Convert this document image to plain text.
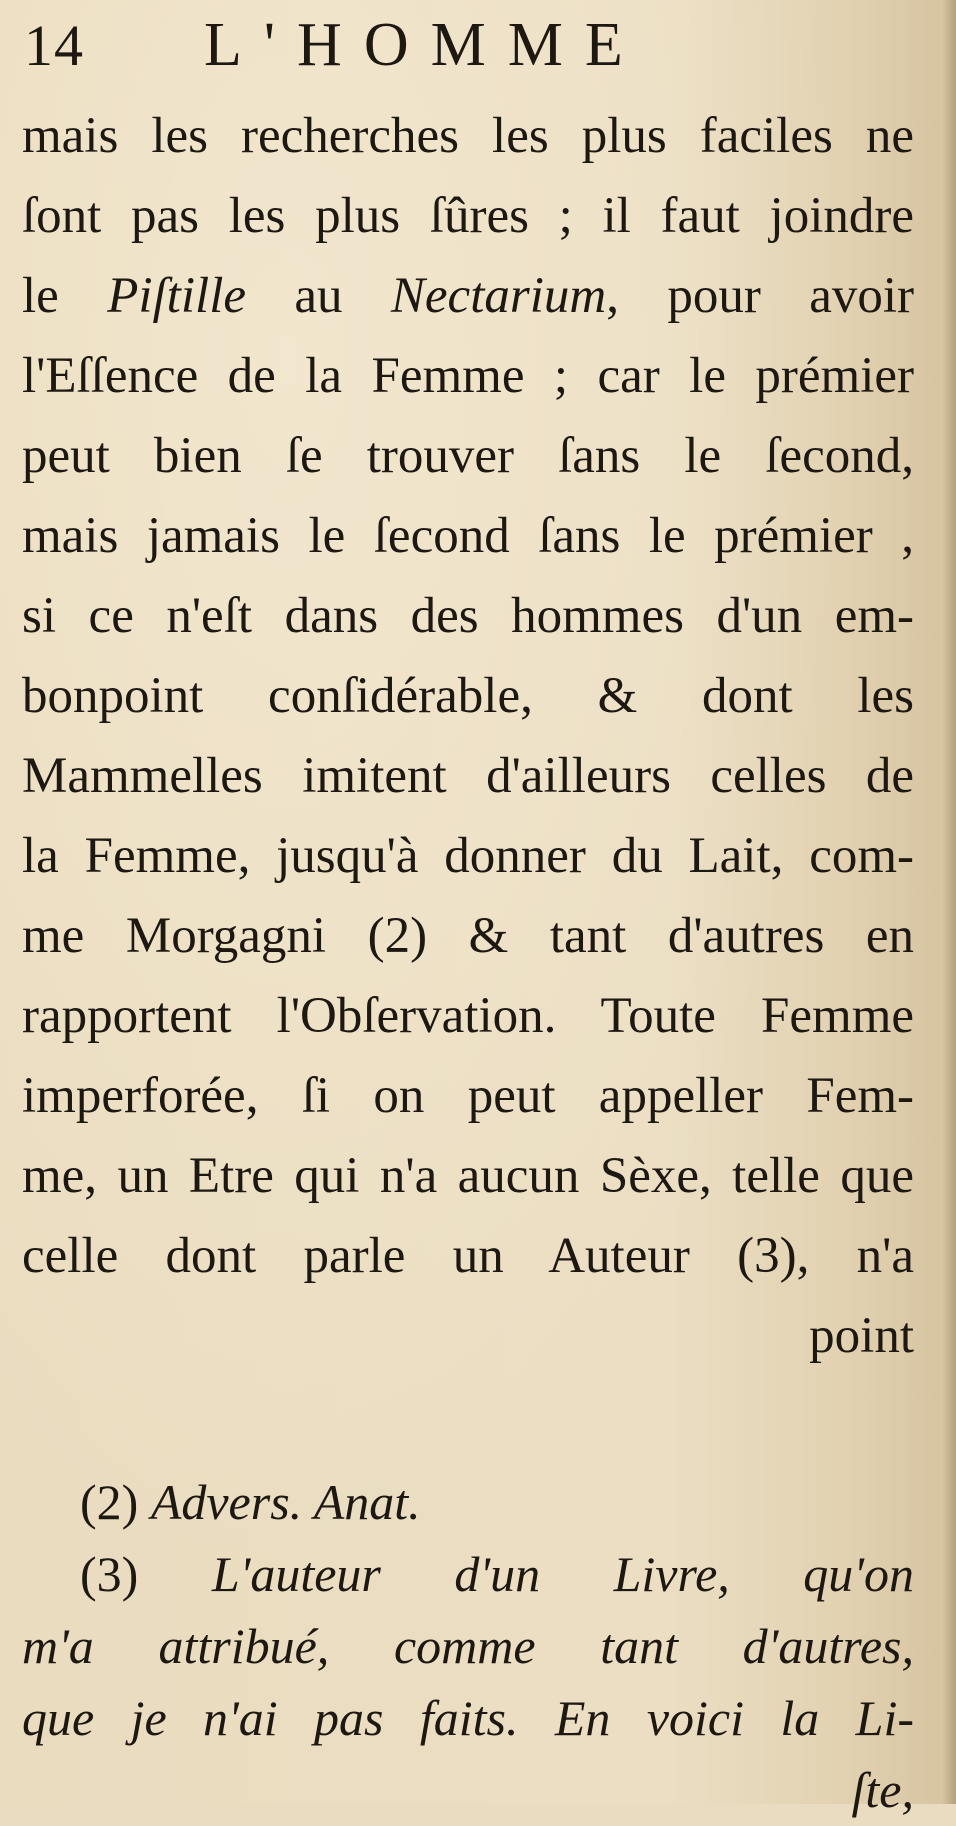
14 L'HOMME
mais les recherches les plus faciles ne
ſont pas les plus ſûres ; il faut joindre
le Piſtille au Nectarium, pour avoir
l'Eſſence de la Femme ; car le prémier
peut bien ſe trouver ſans le ſecond,
mais jamais le ſecond ſans le prémier ,
si ce n'eſt dans des hommes d'un em-
bonpoint conſidérable, & dont les
Mammelles imitent d'ailleurs celles de
la Femme, jusqu'à donner du Lait, com-
me Morgagni (2) & tant d'autres en
rapportent l'Obſervation. Toute Femme
imperforée, ſi on peut appeller Fem-
me, un Etre qui n'a aucun Sèxe, telle que
celle dont parle un Auteur (3), n'a
point
(2) Advers. Anat.
(3) L'auteur d'un Livre, qu'on
m'a attribué, comme tant d'autres,
que je n'ai pas faits. En voici la Li-
ſte,
